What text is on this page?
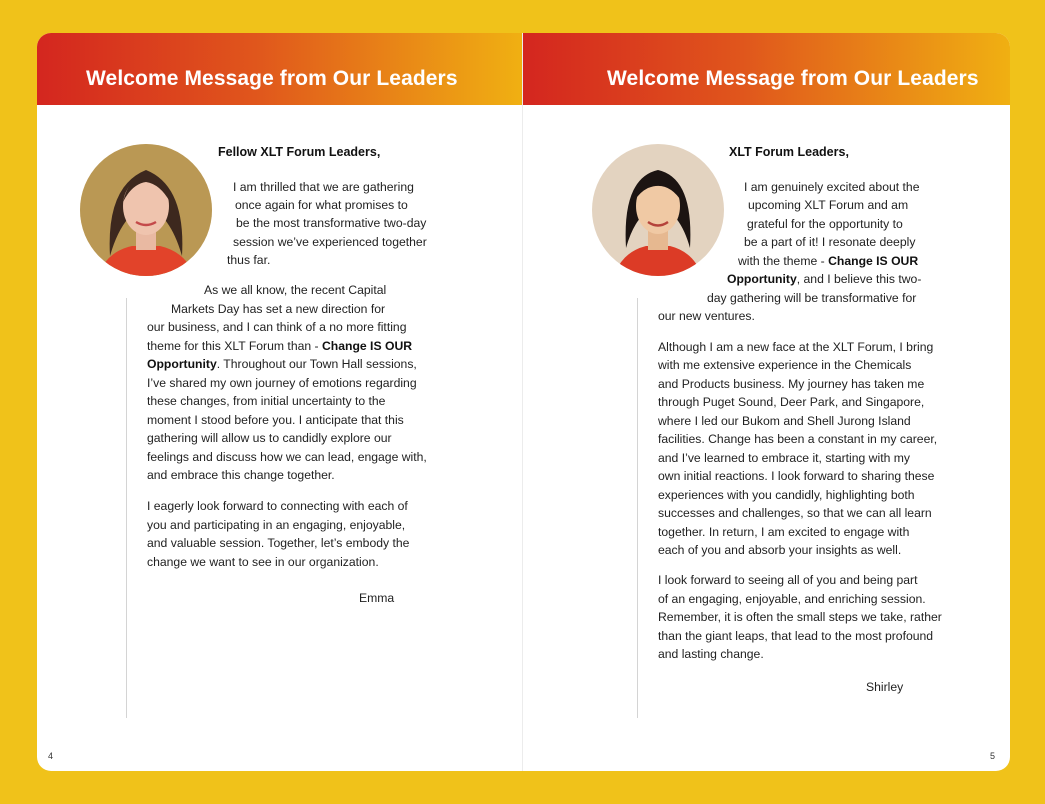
Welcome Message from Our Leaders

Fellow XLT Forum Leaders,

I am thrilled that we are gathering

once again for what promises to

be the most transformative two-day

session we’ve experienced together

thus far.

As we all know, the recent Capital

Markets Day has set a new direction for

our business, and I can think of a no more fitting

theme for this XLT Forum than - Change IS OUR

Opportunity. Throughout our Town Hall sessions,

I’ve shared my own journey of emotions regarding

these changes, from initial uncertainty to the

moment I stood before you. I anticipate that this

gathering will allow us to candidly explore our

feelings and discuss how we can lead, engage with,

and embrace this change together.

I eagerly look forward to connecting with each of

you and participating in an engaging, enjoyable,

and valuable session. Together, let’s embody the

change we want to see in our organization.

Emma

4
Welcome Message from Our Leaders

XLT Forum Leaders,

I am genuinely excited about the

upcoming XLT Forum and am

grateful for the opportunity to

be a part of it! I resonate deeply

with the theme - Change IS OUR

Opportunity, and I believe this two-

day gathering will be transformative for

our new ventures.

Although I am a new face at the XLT Forum, I bring

with me extensive experience in the Chemicals

and Products business. My journey has taken me

through Puget Sound, Deer Park, and Singapore,

where I led our Bukom and Shell Jurong Island

facilities. Change has been a constant in my career,

and I’ve learned to embrace it, starting with my

own initial reactions. I look forward to sharing these

experiences with you candidly, highlighting both

successes and challenges, so that we can all learn

together. In return, I am excited to engage with

each of you and absorb your insights as well.

I look forward to seeing all of you and being part

of an engaging, enjoyable, and enriching session.

Remember, it is often the small steps we take, rather

than the giant leaps, that lead to the most profound

and lasting change.

Shirley

5
